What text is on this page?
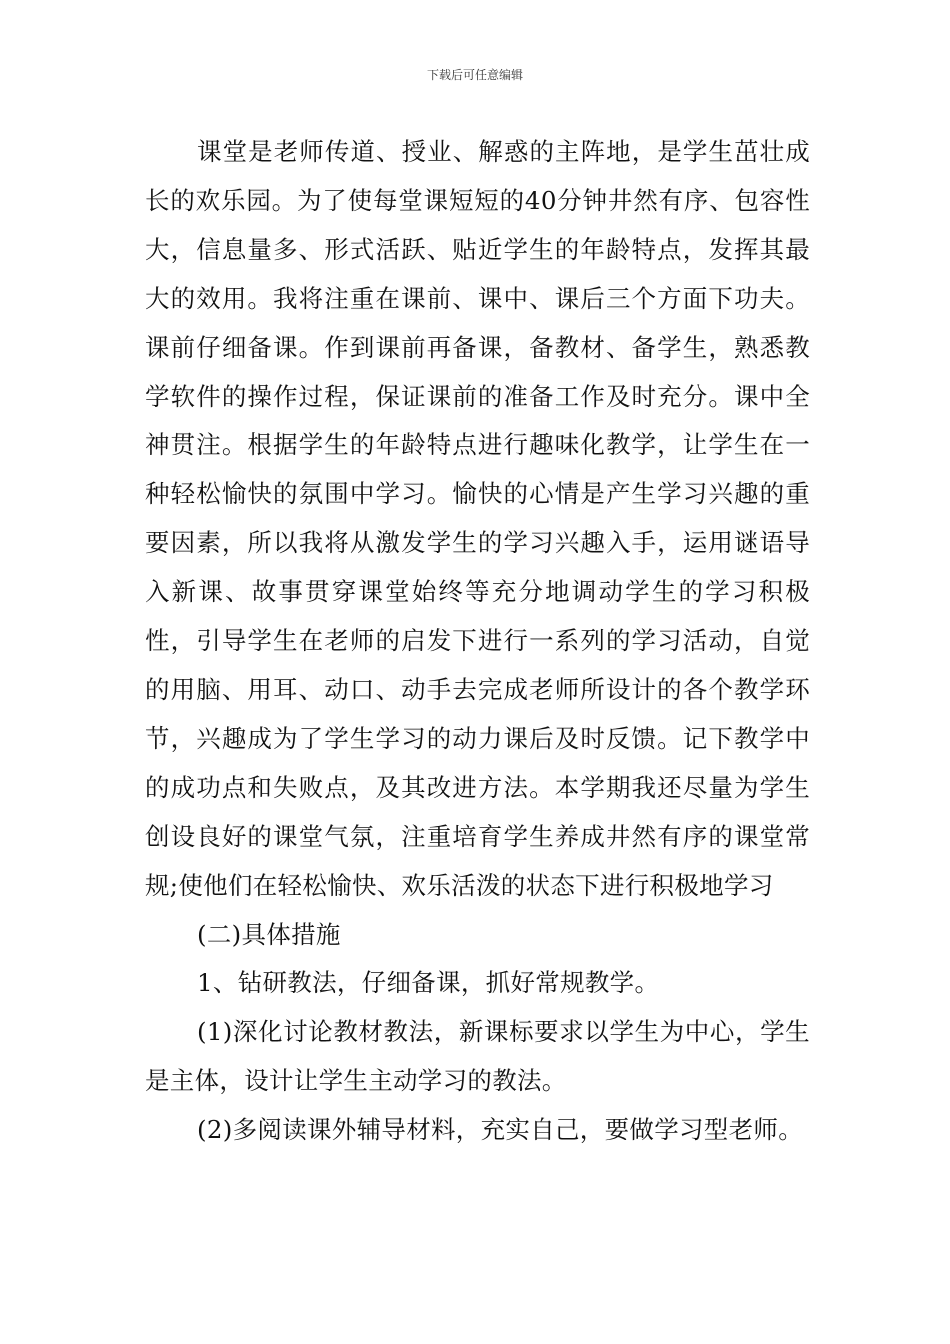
下载后可任意编辑

课堂是老师传道、授业、解惑的主阵地，是学生茁壮成长的欢乐园。为了使每堂课短短的40分钟井然有序、包容性大，信息量多、形式活跃、贴近学生的年龄特点，发挥其最大的效用。我将注重在课前、课中、课后三个方面下功夫。课前仔细备课。作到课前再备课，备教材、备学生，熟悉教学软件的操作过程，保证课前的准备工作及时充分。课中全神贯注。根据学生的年龄特点进行趣味化教学，让学生在一种轻松愉快的氛围中学习。愉快的心情是产生学习兴趣的重要因素，所以我将从激发学生的学习兴趣入手，运用谜语导入新课、故事贯穿课堂始终等充分地调动学生的学习积极性，引导学生在老师的启发下进行一系列的学习活动，自觉的用脑、用耳、动口、动手去完成老师所设计的各个教学环节，兴趣成为了学生学习的动力课后及时反馈。记下教学中的成功点和失败点，及其改进方法。本学期我还尽量为学生创设良好的课堂气氛，注重培育学生养成井然有序的课堂常规;使他们在轻松愉快、欢乐活泼的状态下进行积极地学习

(二)具体措施

1、钻研教法，仔细备课，抓好常规教学。

(1)深化讨论教材教法，新课标要求以学生为中心，学生是主体，设计让学生主动学习的教法。

(2)多阅读课外辅导材料，充实自己，要做学习型老师。
